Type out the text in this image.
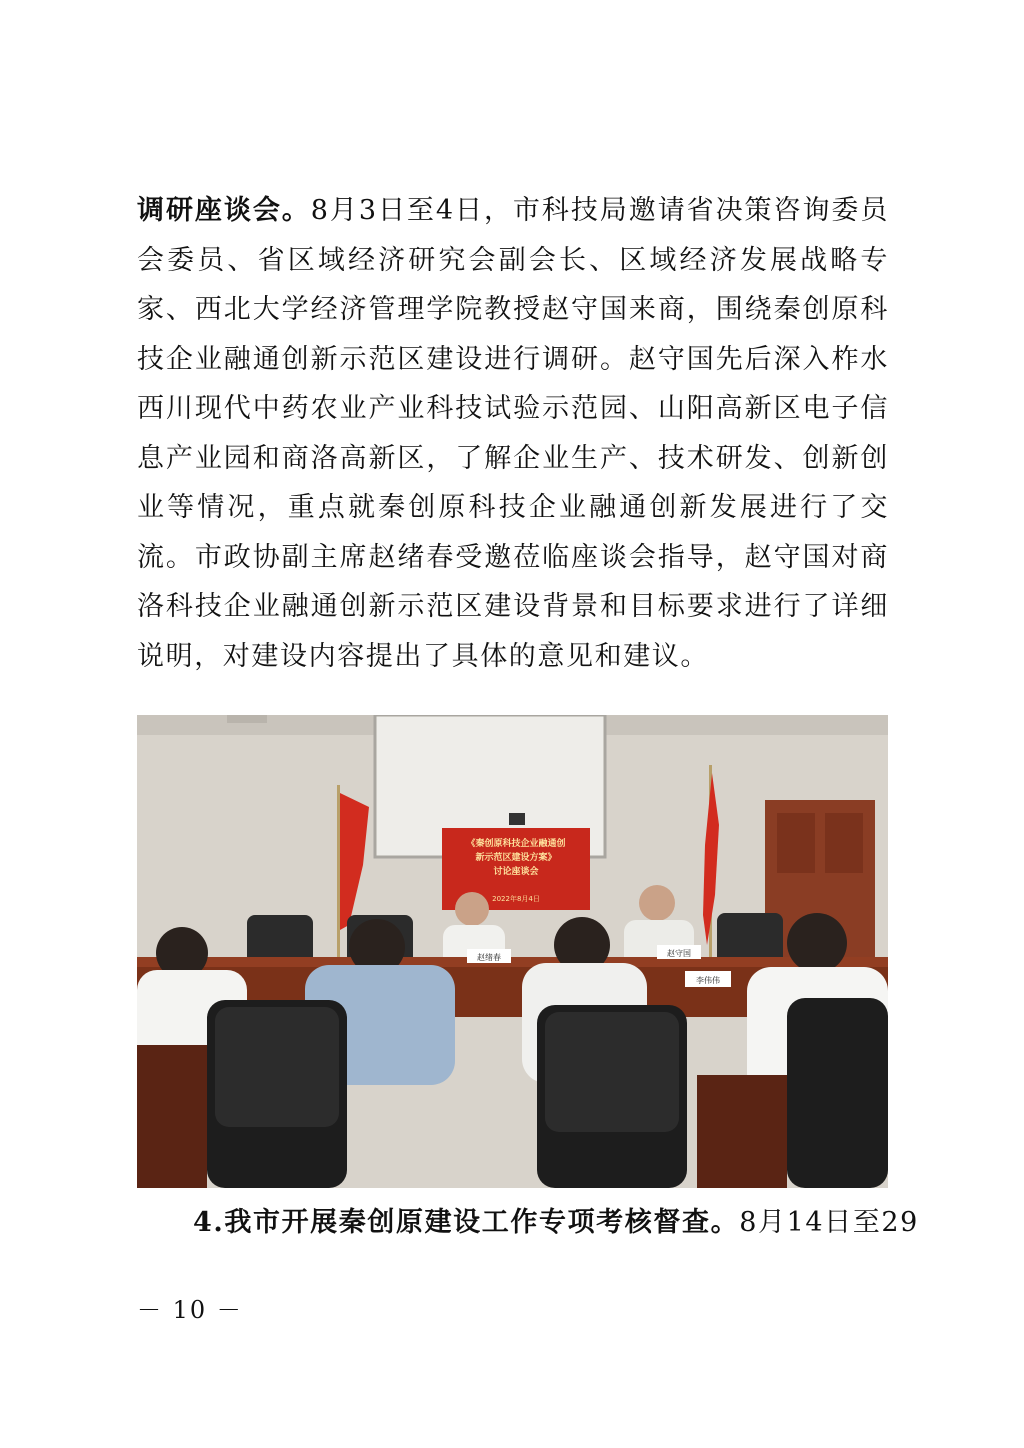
调研座谈会。8月3日至4日，市科技局邀请省决策咨询委员会委员、省区域经济研究会副会长、区域经济发展战略专家、西北大学经济管理学院教授赵守国来商，围绕秦创原科技企业融通创新示范区建设进行调研。赵守国先后深入柞水西川现代中药农业产业科技试验示范园、山阳高新区电子信息产业园和商洛高新区，了解企业生产、技术研发、创新创业等情况，重点就秦创原科技企业融通创新发展进行了交流。市政协副主席赵绪春受邀莅临座谈会指导，赵守国对商洛科技企业融通创新示范区建设背景和目标要求进行了详细说明，对建设内容提出了具体的意见和建议。

《秦创原科技企业融通创
新示范区建设方案》
讨论座谈会
2022年8月4日
赵绪春	赵守国
李伟伟

4.我市开展秦创原建设工作专项考核督查。8月14日至29

－ 10 －
